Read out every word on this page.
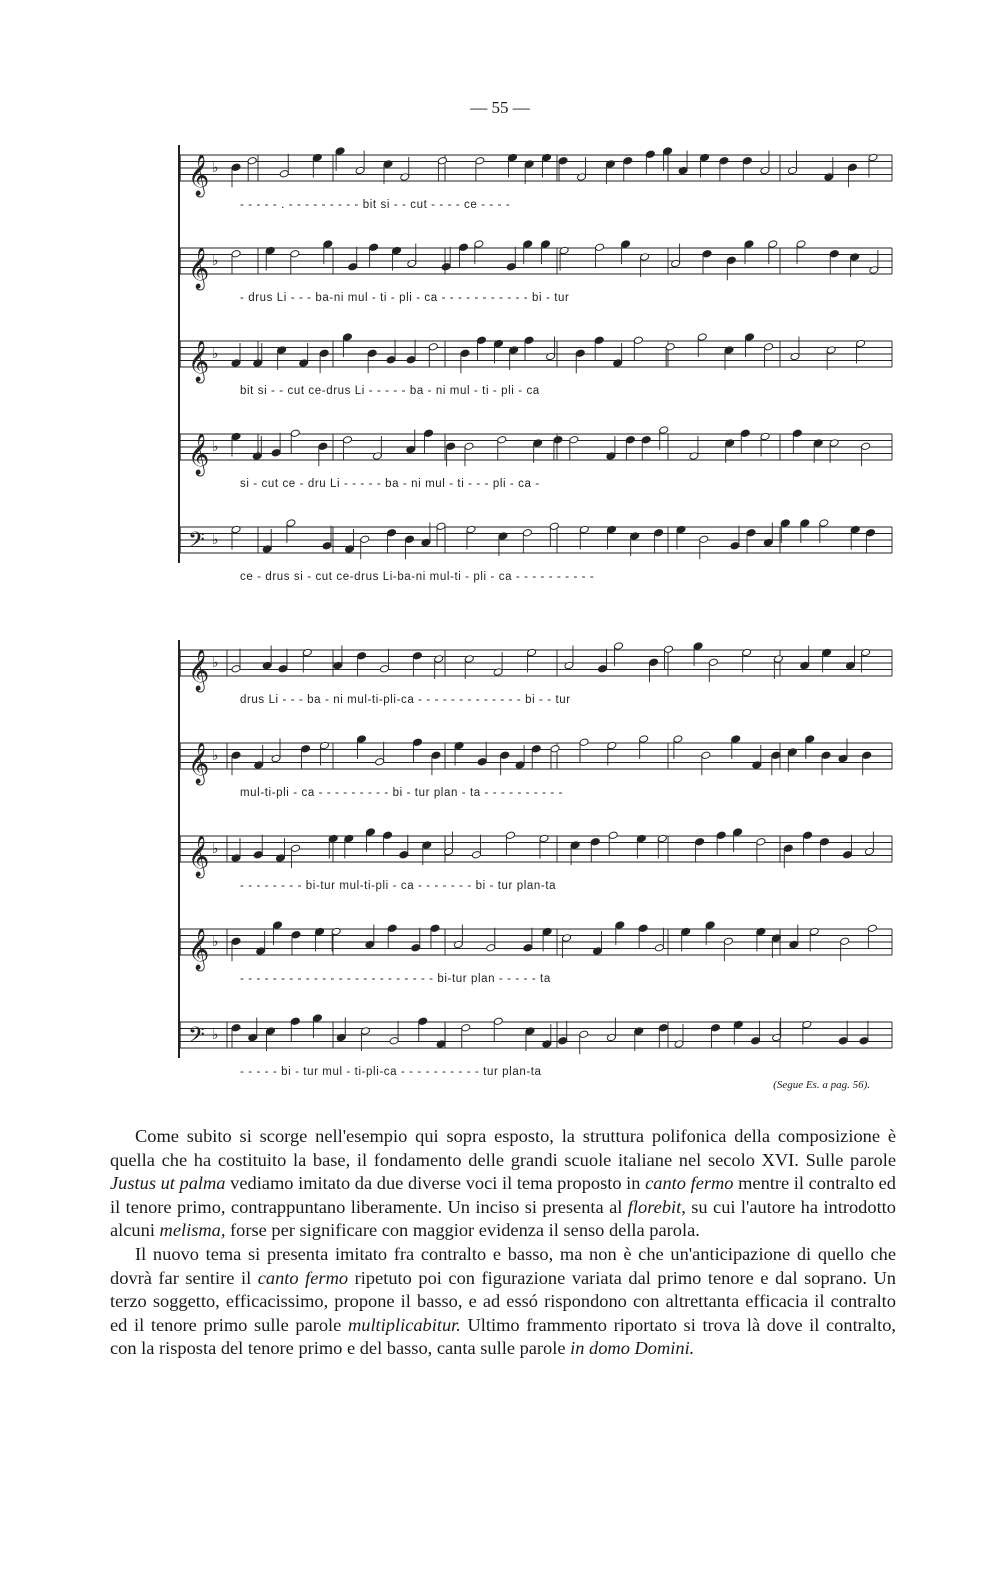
— 55 —
𝄞 ♭
- - - - - . - - - - - - - - - bit si - - cut - - - - ce - - - -
𝄞 ♭
- drus Li - - - ba-ni mul - ti - pli - ca - - - - - - - - - - - bi - tur
𝄞 ♭
bit si - - cut ce-drus Li - - - - - ba - ni mul - ti - pli - ca
𝄞 ♭
si - cut ce - dru Li - - - - - ba - ni mul - ti - - - pli - ca -
𝄢 ♭
ce - drus si - cut ce-drus Li-ba-ni mul-ti - pli - ca - - - - - - - - - -
𝄞 ♭
drus Li - - - ba - ni mul-ti-pli-ca - - - - - - - - - - - - - bi - - tur
𝄞 ♭
mul-ti-pli - ca - - - - - - - - - bi - tur plan - ta - - - - - - - - - -
𝄞 ♭
- - - - - - - - bi-tur mul-ti-pli - ca - - - - - - - bi - tur plan-ta
𝄞 ♭
- - - - - - - - - - - - - - - - - - - - - - - - bi-tur plan - - - - - ta
𝄢 ♭
- - - - - bi - tur mul - ti-pli-ca - - - - - - - - - - tur plan-ta
(Segue Es. a pag. 56).

Come subito si scorge nell'esempio qui sopra esposto, la struttura polifonica della composizione è quella che ha costituito la base, il fondamento delle grandi scuole italiane nel secolo XVI. Sulle parole Justus ut palma vediamo imitato da due diverse voci il tema proposto in canto fermo mentre il contralto ed il tenore primo, contrappuntano liberamente. Un inciso si presenta al florebit, su cui l'autore ha introdotto alcuni melisma, forse per significare con maggior evidenza il senso della parola.

Il nuovo tema si presenta imitato fra contralto e basso, ma non è che un'anticipazione di quello che dovrà far sentire il canto fermo ripetuto poi con figurazione variata dal primo tenore e dal soprano. Un terzo soggetto, efficacissimo, propone il basso, e ad essó rispondono con altrettanta efficacia il contralto ed il tenore primo sulle parole multiplicabitur. Ultimo frammento riportato si trova là dove il contralto, con la risposta del tenore primo e del basso, canta sulle parole in domo Domini.
